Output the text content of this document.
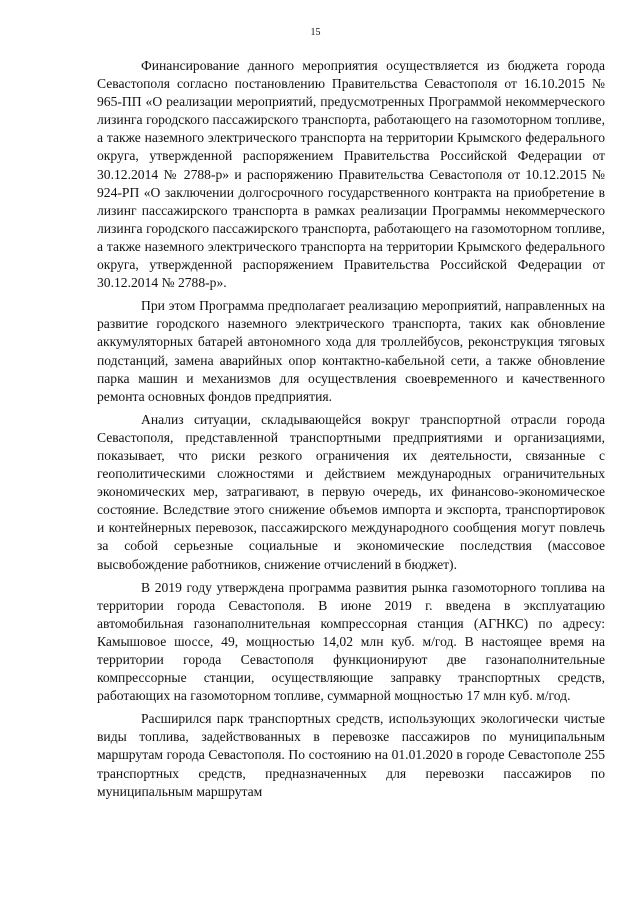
15

Финансирование данного мероприятия осуществляется из бюджета города Севастополя согласно постановлению Правительства Севастополя от 16.10.2015 № 965-ПП «О реализации мероприятий, предусмотренных Программой некоммерческого лизинга городского пассажирского транспорта, работающего на газомоторном топливе, а также наземного электрического транспорта на территории Крымского федерального округа, утвержденной распоряжением Правительства Российской Федерации от 30.12.2014 № 2788-р» и распоряжению Правительства Севастополя от 10.12.2015 № 924-РП «О заключении долгосрочного государственного контракта на приобретение в лизинг пассажирского транспорта в рамках реализации Программы некоммерческого лизинга городского пассажирского транспорта, работающего на газомоторном топливе, а также наземного электрического транспорта на территории Крымского федерального округа, утвержденной распоряжением Правительства Российской Федерации от 30.12.2014 № 2788-р».

При этом Программа предполагает реализацию мероприятий, направленных на развитие городского наземного электрического транспорта, таких как обновление аккумуляторных батарей автономного хода для троллейбусов, реконструкция тяговых подстанций, замена аварийных опор контактно-кабельной сети, а также обновление парка машин и механизмов для осуществления своевременного и качественного ремонта основных фондов предприятия.

Анализ ситуации, складывающейся вокруг транспортной отрасли города Севастополя, представленной транспортными предприятиями и организациями, показывает, что риски резкого ограничения их деятельности, связанные с геополитическими сложностями и действием международных ограничительных экономических мер, затрагивают, в первую очередь, их финансово-экономическое состояние. Вследствие этого снижение объемов импорта и экспорта, транспортировок и контейнерных перевозок, пассажирского международного сообщения могут повлечь за собой серьезные социальные и экономические последствия (массовое высвобождение работников, снижение отчислений в бюджет).

В 2019 году утверждена программа развития рынка газомоторного топлива на территории города Севастополя. В июне 2019 г. введена в эксплуатацию автомобильная газонаполнительная компрессорная станция (АГНКС) по адресу: Камышовое шоссе, 49, мощностью 14,02 млн куб. м/год. В настоящее время на территории города Севастополя функционируют две газонаполнительные компрессорные станции, осуществляющие заправку транспортных средств, работающих на газомоторном топливе, суммарной мощностью 17 млн куб. м/год.

Расширился парк транспортных средств, использующих экологически чистые виды топлива, задействованных в перевозке пассажиров по муниципальным маршрутам города Севастополя. По состоянию на 01.01.2020 в городе Севастополе 255 транспортных средств, предназначенных для перевозки пассажиров по муниципальным маршрутам
